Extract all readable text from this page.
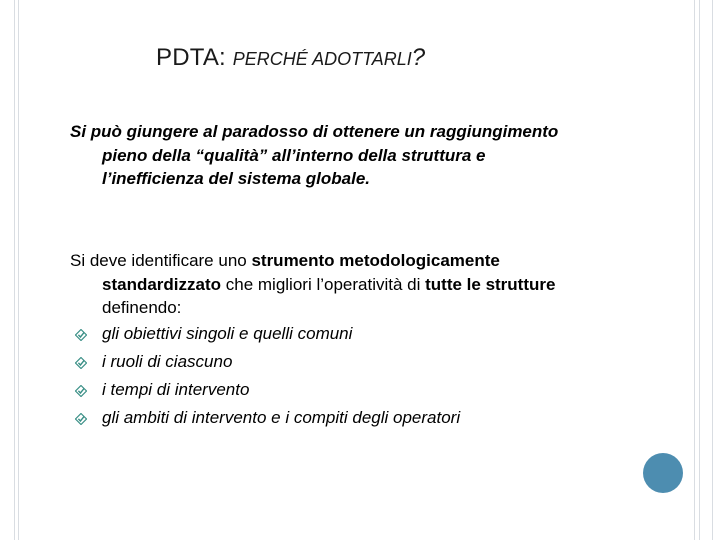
PDTA: PERCHÉ ADOTTARLI?
Si può giungere al paradosso di ottenere un raggiungimento
pieno della “qualità” all’interno della struttura e
l’inefficienza del sistema globale.
Si deve identificare uno strumento metodologicamente
standardizzato che migliori l’operatività di tutte le strutture
definendo:
gli obiettivi singoli e quelli comuni
i ruoli di ciascuno
i tempi di intervento
gli ambiti di intervento e i compiti degli operatori
